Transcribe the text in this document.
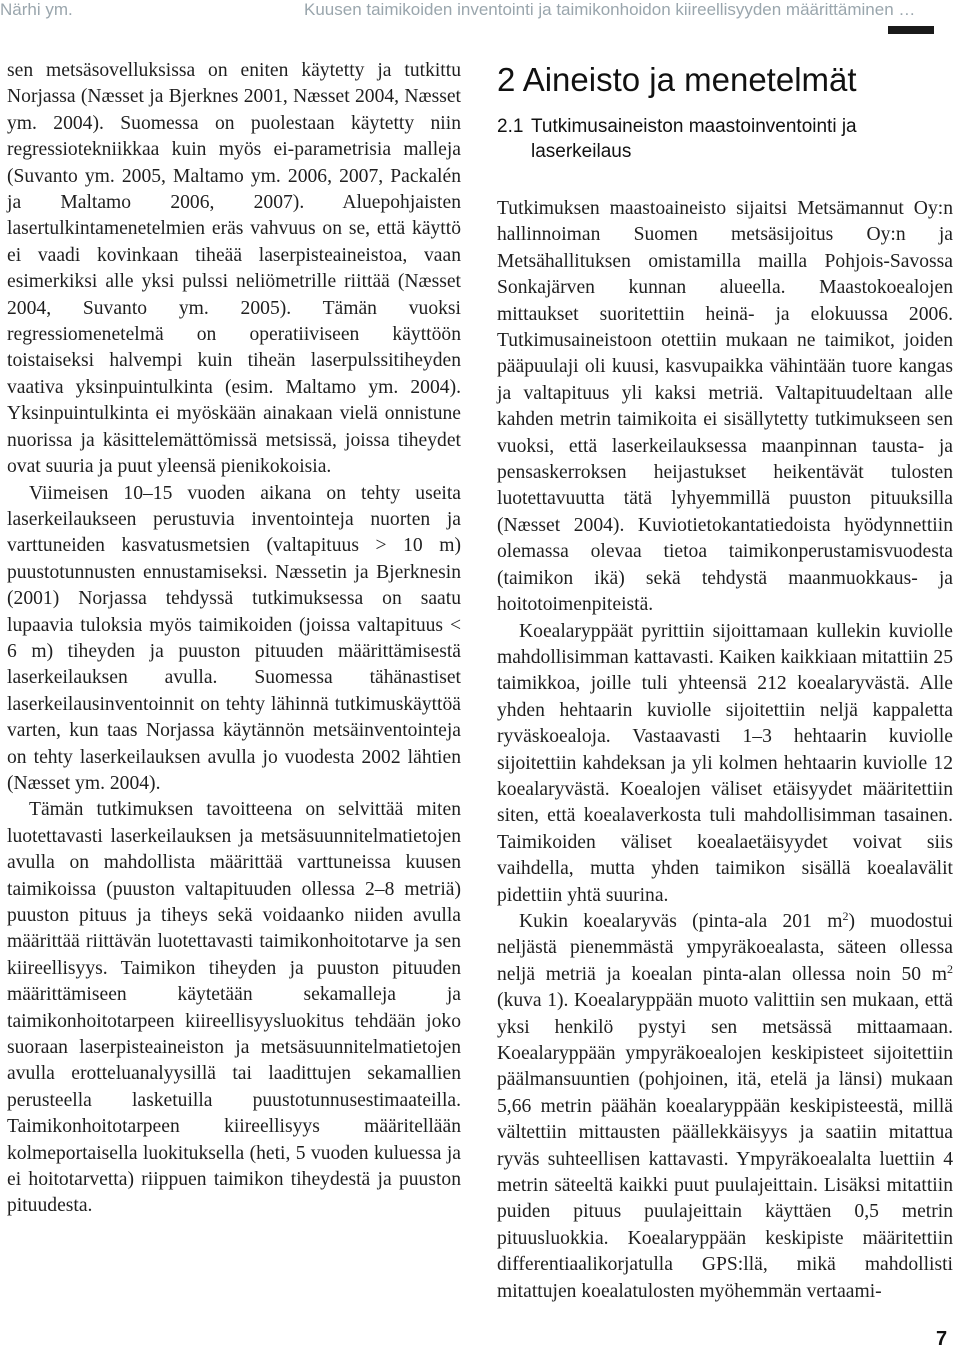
Närhi ym.	Kuusen taimikoiden inventointi ja taimikonhoidon kiireellisyyden määrittäminen …

sen metsäsovelluksissa on eniten käytetty ja tutkittu Norjassa (Næsset ja Bjerknes 2001, Næsset 2004, Næsset ym. 2004). Suomessa on puolestaan käytetty niin regressiotekniikkaa kuin myös ei-parametrisia malleja (Suvanto ym. 2005, Maltamo ym. 2006, 2007, Packalén ja Maltamo 2006, 2007). Aluepohjaisten lasertulkintamenetelmien eräs vahvuus on se, että käyttö ei vaadi kovinkaan tiheää laserpisteaineistoa, vaan esimerkiksi alle yksi pulssi neliömetrille riittää (Næsset 2004, Suvanto ym. 2005). Tämän vuoksi regressiomenetelmä on operatiiviseen käyttöön toistaiseksi halvempi kuin tiheän laserpulssitiheyden vaativa yksinpuintulkinta (esim. Maltamo ym. 2004). Yksinpuintulkinta ei myöskään ainakaan vielä onnistune nuorissa ja käsittelemättömissä metsissä, joissa tiheydet ovat suuria ja puut yleensä pienikokoisia.

Viimeisen 10–15 vuoden aikana on tehty useita laserkeilaukseen perustuvia inventointeja nuorten ja varttuneiden kasvatusmetsien (valtapituus > 10 m) puustotunnusten ennustamiseksi. Næssetin ja Bjerknesin (2001) Norjassa tehdyssä tutkimuksessa on saatu lupaavia tuloksia myös taimikoiden (joissa valtapituus < 6 m) tiheyden ja puuston pituuden määrittämisestä laserkeilauksen avulla. Suomessa tähänastiset laserkeilausinventoinnit on tehty lähinnä tutkimuskäyttöä varten, kun taas Norjassa käytännön metsäinventointeja on tehty laserkeilauksen avulla jo vuodesta 2002 lähtien (Næsset ym. 2004).

Tämän tutkimuksen tavoitteena on selvittää miten luotettavasti laserkeilauksen ja metsäsuunnitelmatietojen avulla on mahdollista määrittää varttuneissa kuusen taimikoissa (puuston valtapituuden ollessa 2–8 metriä) puuston pituus ja tiheys sekä voidaanko niiden avulla määrittää riittävän luotettavasti taimikonhoitotarve ja sen kiireellisyys. Taimikon tiheyden ja puuston pituuden määrittämiseen käytetään sekamalleja ja taimikonhoitotarpeen kiireellisyysluokitus tehdään joko suoraan laserpisteaineiston ja metsäsuunnitelmatietojen avulla erotteluanalyysillä tai laadittujen sekamallien perusteella lasketuilla puustotunnusestimaateilla. Taimikonhoitotarpeen kiireellisyys määritellään kolmeportaisella luokituksella (heti, 5 vuoden kuluessa ja ei hoitotarvetta) riippuen taimikon tiheydestä ja puuston pituudesta.

2 Aineisto ja menetelmät
2.1 Tutkimusaineiston maastoinventointi ja laserkeilaus

Tutkimuksen maastoaineisto sijaitsi Metsämannut Oy:n hallinnoiman Suomen metsäsijoitus Oy:n ja Metsähallituksen omistamilla mailla Pohjois-Savossa Sonkajärven kunnan alueella. Maastokoealojen mittaukset suoritettiin heinä- ja elokuussa 2006. Tutkimusaineistoon otettiin mukaan ne taimikot, joiden pääpuulaji oli kuusi, kasvupaikka vähintään tuore kangas ja valtapituus yli kaksi metriä. Valtapituudeltaan alle kahden metrin taimikoita ei sisällytetty tutkimukseen sen vuoksi, että laserkeilauksessa maanpinnan tausta- ja pensaskerroksen heijastukset heikentävät tulosten luotettavuutta tätä lyhyemmillä puuston pituuksilla (Næsset 2004). Kuviotietokantatiedoista hyödynnettiin olemassa olevaa tietoa taimikonperustamisvuodesta (taimikon ikä) sekä tehdystä maanmuokkaus- ja hoitotoimenpiteistä.

Koealaryppäät pyrittiin sijoittamaan kullekin kuviolle mahdollisimman kattavasti. Kaiken kaikkiaan mitattiin 25 taimikkoa, joille tuli yhteensä 212 koealaryvästä. Alle yhden hehtaarin kuviolle sijoitettiin neljä kappaletta ryväskoealoja. Vastaavasti 1–3 hehtaarin kuviolle sijoitettiin kahdeksan ja yli kolmen hehtaarin kuviolle 12 koealaryvästä. Koealojen väliset etäisyydet määritettiin siten, että koealaverkosta tuli mahdollisimman tasainen. Taimikoiden väliset koealaetäisyydet voivat siis vaihdella, mutta yhden taimikon sisällä koealavälit pidettiin yhtä suurina.

Kukin koealaryväs (pinta-ala 201 $m^2$) muodostui neljästä pienemmästä ympyräkoealasta, säteen ollessa neljä metriä ja koealan pinta-alan ollessa noin 50 $m^2$ (kuva 1). Koealaryppään muoto valittiin sen mukaan, että yksi henkilö pystyi sen metsässä mittaamaan. Koealaryppään ympyräkoealojen keskipisteet sijoitettiin päälmansuuntien (pohjoinen, itä, etelä ja länsi) mukaan 5,66 metrin päähän koealaryppään keskipisteestä, millä vältettiin mittausten päällekkäisyys ja saatiin mitattua ryväs suhteellisen kattavasti. Ympyräkoealalta luettiin 4 metrin säteeltä kaikki puut puulajeittain. Lisäksi mitattiin puiden pituus puulajeittain käyttäen 0,5 metrin pituusluokkia. Koealaryppään keskipiste määritettiin differentiaalikorjatulla GPS:llä, mikä mahdollisti mitattujen koealatulosten myöhemmän vertaami-

7
